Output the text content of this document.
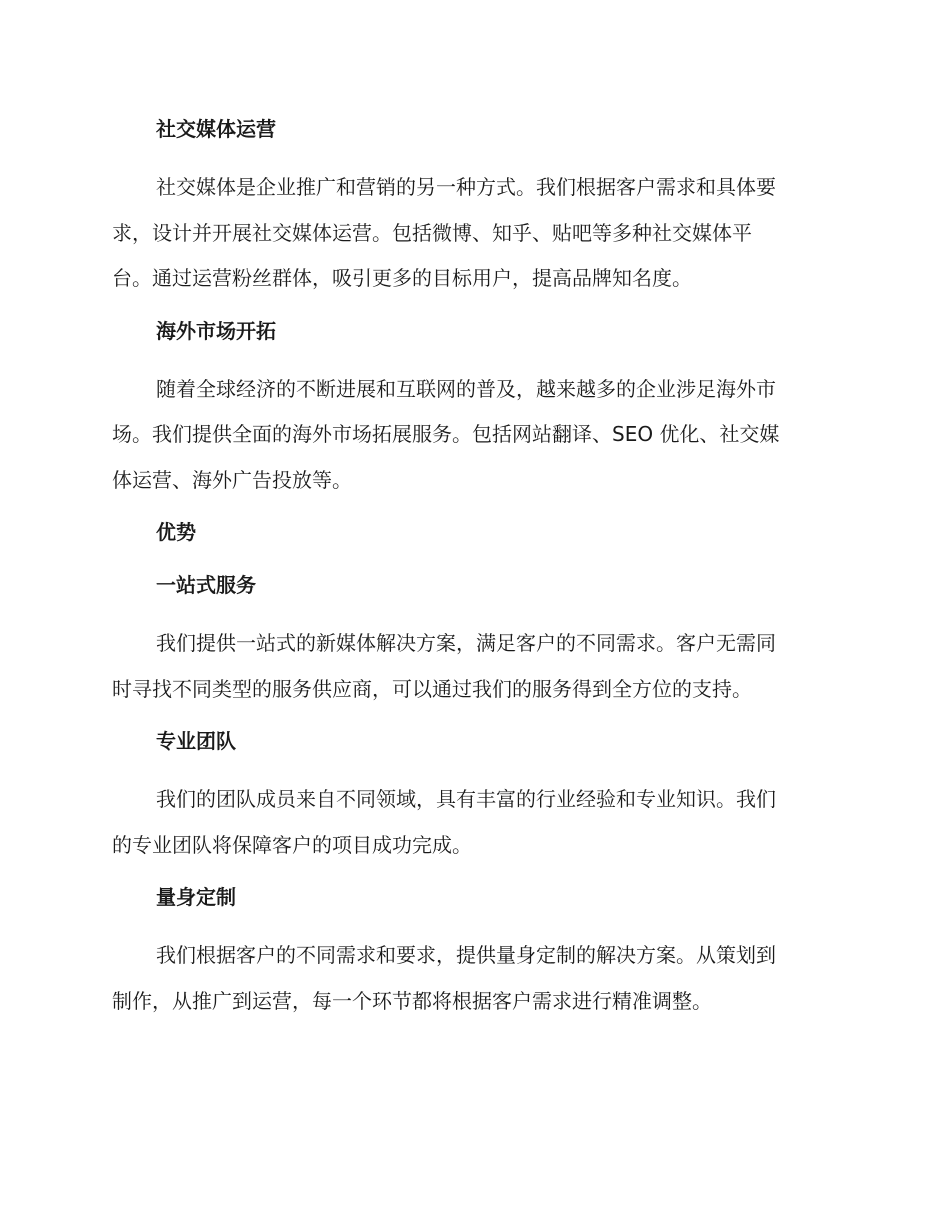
社交媒体运营
社交媒体是企业推广和营销的另一种方式。我们根据客户需求和具体要
求，设计并开展社交媒体运营。包括微博、知乎、贴吧等多种社交媒体平
台。通过运营粉丝群体，吸引更多的目标用户，提高品牌知名度。
海外市场开拓
随着全球经济的不断进展和互联网的普及，越来越多的企业涉足海外市
场。我们提供全面的海外市场拓展服务。包括网站翻译、SEO 优化、社交媒
体运营、海外广告投放等。
优势
一站式服务
我们提供一站式的新媒体解决方案，满足客户的不同需求。客户无需同
时寻找不同类型的服务供应商，可以通过我们的服务得到全方位的支持。
专业团队
我们的团队成员来自不同领域，具有丰富的行业经验和专业知识。我们
的专业团队将保障客户的项目成功完成。
量身定制
我们根据客户的不同需求和要求，提供量身定制的解决方案。从策划到
制作，从推广到运营，每一个环节都将根据客户需求进行精准调整。
